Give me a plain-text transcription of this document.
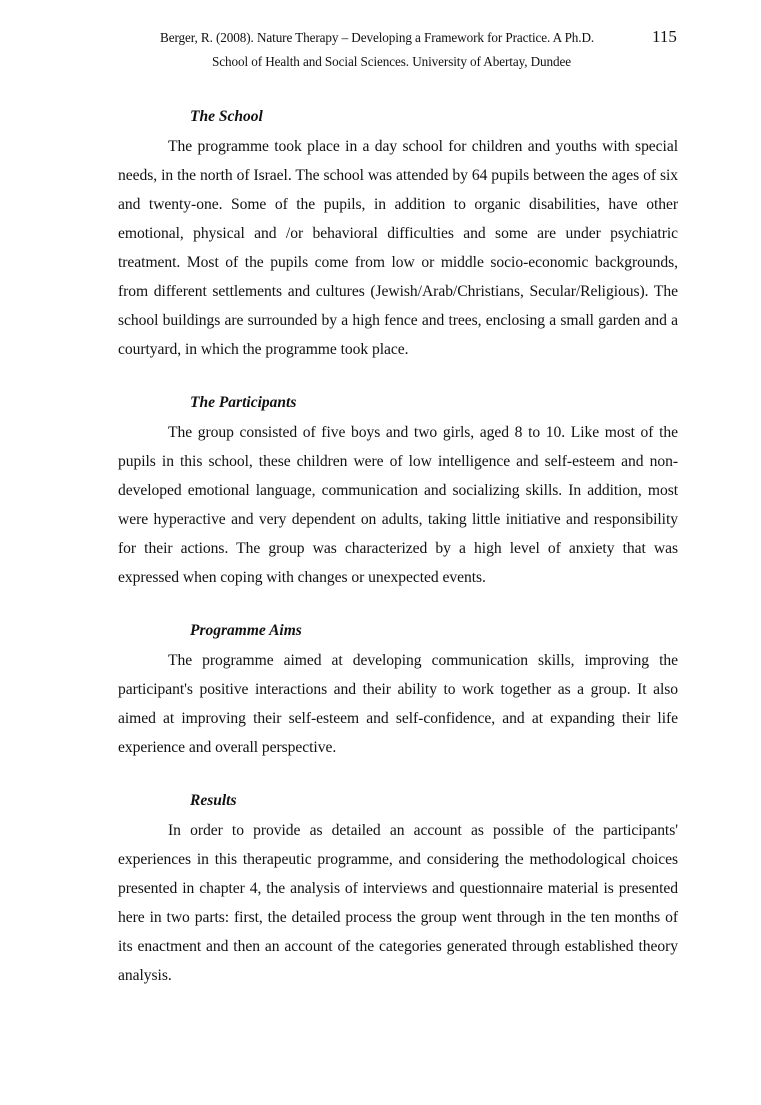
Berger, R. (2008). Nature Therapy – Developing a Framework for Practice. A Ph.D.	115
School of Health and Social Sciences. University of Abertay, Dundee
The School

The programme took place in a day school for children and youths with special needs, in the north of Israel. The school was attended by 64 pupils between the ages of six and twenty-one. Some of the pupils, in addition to organic disabilities, have other emotional, physical and /or behavioral difficulties and some are under psychiatric treatment. Most of the pupils come from low or middle socio-economic backgrounds, from different settlements and cultures (Jewish/Arab/Christians, Secular/Religious). The school buildings are surrounded by a high fence and trees, enclosing a small garden and a courtyard, in which the programme took place.

The Participants

The group consisted of five boys and two girls, aged 8 to 10. Like most of the pupils in this school, these children were of low intelligence and self-esteem and non-developed emotional language, communication and socializing skills. In addition, most were hyperactive and very dependent on adults, taking little initiative and responsibility for their actions. The group was characterized by a high level of anxiety that was expressed when coping with changes or unexpected events.

Programme Aims

The programme aimed at developing communication skills, improving the participant's positive interactions and their ability to work together as a group. It also aimed at improving their self-esteem and self-confidence, and at expanding their life experience and overall perspective.

Results

In order to provide as detailed an account as possible of the participants' experiences in this therapeutic programme, and considering the methodological choices presented in chapter 4, the analysis of interviews and questionnaire material is presented here in two parts: first, the detailed process the group went through in the ten months of its enactment and then an account of the categories generated through established theory analysis.
